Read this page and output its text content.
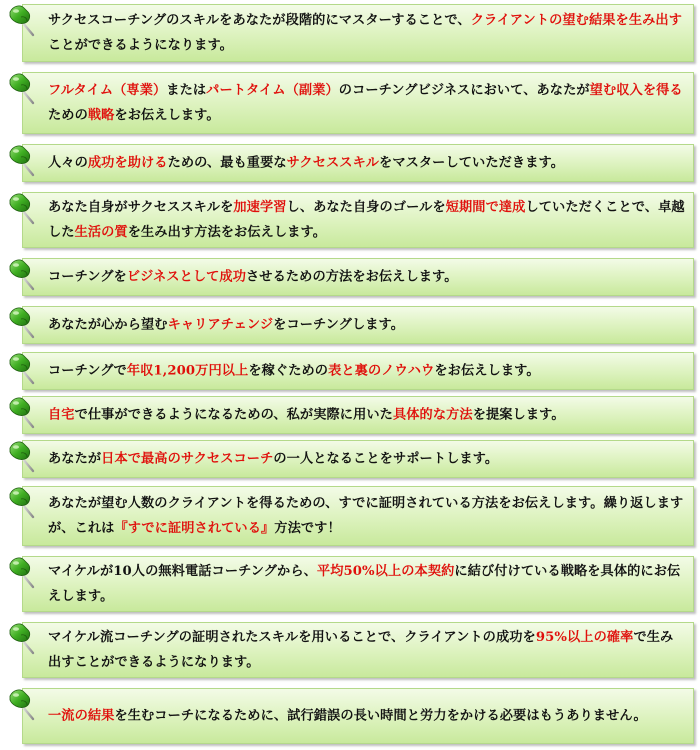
サクセスコーチングのスキルをあなたが段階的にマスターすることで、クライアントの望む結果を生み出すことができるようになります。
フルタイム（専業）またはパートタイム（副業）のコーチングビジネスにおいて、あなたが望む収入を得るための戦略をお伝えします。
人々の成功を助けるための、最も重要なサクセススキルをマスターしていただきます。
あなた自身がサクセススキルを加速学習し、あなた自身のゴールを短期間で達成していただくことで、卓越した生活の質を生み出す方法をお伝えします。
コーチングをビジネスとして成功させるための方法をお伝えします。
あなたが心から望むキャリアチェンジをコーチングします。
コーチングで年収1,200万円以上を稼ぐための表と裏のノウハウをお伝えします。
自宅で仕事ができるようになるための、私が実際に用いた具体的な方法を提案します。
あなたが日本で最高のサクセスコーチの一人となることをサポートします。
あなたが望む人数のクライアントを得るための、すでに証明されている方法をお伝えします。繰り返しますが、これは『すでに証明されている』方法です！
マイケルが10人の無料電話コーチングから、平均50%以上の本契約に結び付けている戦略を具体的にお伝えします。
マイケル流コーチングの証明されたスキルを用いることで、クライアントの成功を95%以上の確率で生み出すことができるようになります。
一流の結果を生むコーチになるために、試行錯誤の長い時間と労力をかける必要はもうありません。
